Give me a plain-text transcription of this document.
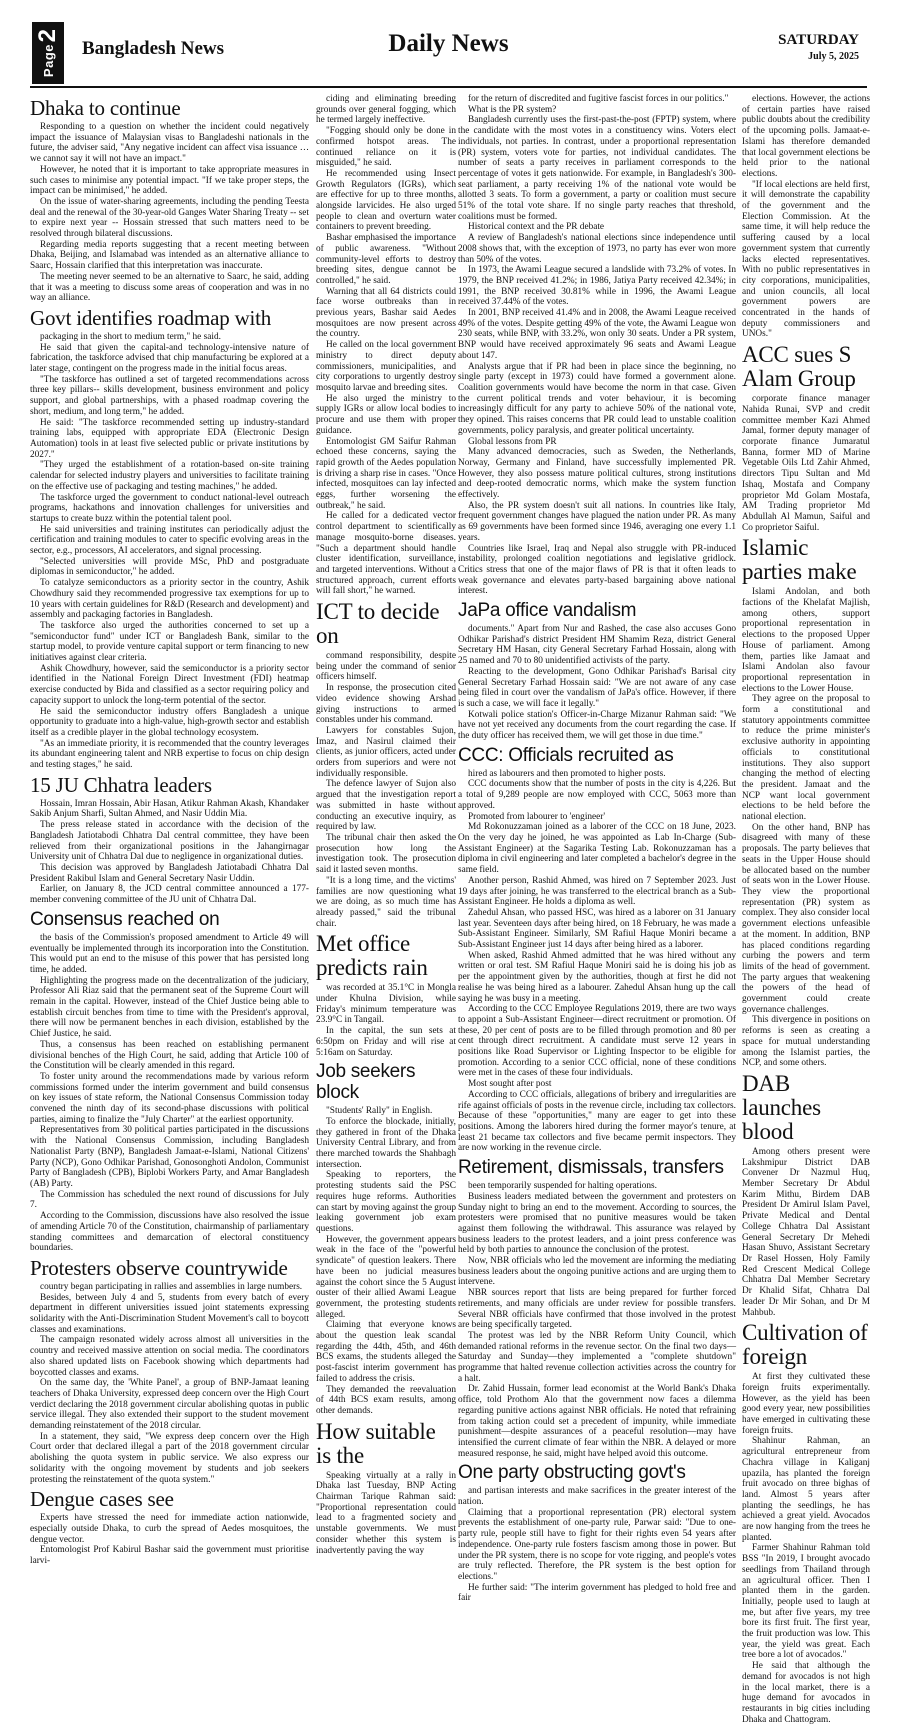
2
Page Bangladesh News	Daily News	SATURDAY
July 5, 2025
Dhaka to continue

Responding to a question on whether the incident could negatively impact the issuance of Malaysian visas to Bangladeshi nationals in the future, the adviser said, "Any negative incident can affect visa issuance … we cannot say it will not have an impact."

However, he noted that it is important to take appropriate measures in such cases to minimise any potential impact. "If we take proper steps, the impact can be minimised," he added.

On the issue of water-sharing agreements, including the pending Teesta deal and the renewal of the 30-year-old Ganges Water Sharing Treaty -- set to expire next year -- Hossain stressed that such matters need to be resolved through bilateral discussions.

Regarding media reports suggesting that a recent meeting between Dhaka, Beijing, and Islamabad was intended as an alternative alliance to Saarc, Hossain clarified that this interpretation was inaccurate.

The meeting never seemed to be an alternative to Saarc, he said, adding that it was a meeting to discuss some areas of cooperation and was in no way an alliance.

Govt identifies roadmap with

packaging in the short to medium term," he said.

He said that given the capital-and technology-intensive nature of fabrication, the taskforce advised that chip manufacturing be explored at a later stage, contingent on the progress made in the initial focus areas.

"The taskforce has outlined a set of targeted recommendations across three key pillars-- skills development, business environment and policy support, and global partnerships, with a phased roadmap covering the short, medium, and long term," he added.

He said: "The taskforce recommended setting up industry-standard training labs, equipped with appropriate EDA (Electronic Design Automation) tools in at least five selected public or private institutions by 2027."

"They urged the establishment of a rotation-based on-site training calendar for selected industry players and universities to facilitate training on the effective use of packaging and testing machines," he added.

The taskforce urged the government to conduct national-level outreach programs, hackathons and innovation challenges for universities and startups to create buzz within the potential talent pool.

He said universities and training institutes can periodically adjust the certification and training modules to cater to specific evolving areas in the sector, e.g., processors, AI accelerators, and signal processing.

"Selected universities will provide MSc, PhD and postgraduate diplomas in semiconductor," he added.

To catalyze semiconductors as a priority sector in the country, Ashik Chowdhury said they recommended progressive tax exemptions for up to 10 years with certain guidelines for R&D (Research and development) and assembly and packaging factories in Bangladesh.

The taskforce also urged the authorities concerned to set up a "semiconductor fund" under ICT or Bangladesh Bank, similar to the startup model, to provide venture capital support or term financing to new initiatives against clear criteria.

Ashik Chowdhury, however, said the semiconductor is a priority sector identified in the National Foreign Direct Investment (FDI) heatmap exercise conducted by Bida and classified as a sector requiring policy and capacity support to unlock the long-term potential of the sector.

He said the semiconductor industry offers Bangladesh a unique opportunity to graduate into a high-value, high-growth sector and establish itself as a credible player in the global technology ecosystem.

"As an immediate priority, it is recommended that the country leverages its abundant engineering talent and NRB expertise to focus on chip design and testing stages," he said.

15 JU Chhatra leaders

Hossain, Imran Hossain, Abir Hasan, Atikur Rahman Akash, Khandaker Sakib Anjum Sharfi, Sultan Ahmed, and Nasir Uddin Mia.

The press release stated in accordance with the decision of the Bangladesh Jatiotabodi Chhatra Dal central committee, they have been relieved from their organizational positions in the Jahangirnagar University unit of Chhatra Dal due to negligence in organizational duties.

This decision was approved by Bangladesh Jatiotabadi Chhatra Dal President Rakibul Islam and General Secretary Nasir Uddin.

Earlier, on January 8, the JCD central committee announced a 177-member convening committee of the JU unit of Chhatra Dal.

Consensus reached on

the basis of the Commission's proposed amendment to Article 49 will eventually be implemented through its incorporation into the Constitution. This would put an end to the misuse of this power that has persisted long time, he added.

Highlighting the progress made on the decentralization of the judiciary, Professor Ali Riaz said that the permanent seat of the Supreme Court will remain in the capital. However, instead of the Chief Justice being able to establish circuit benches from time to time with the President's approval, there will now be permanent benches in each division, established by the Chief Justice, he said.

Thus, a consensus has been reached on establishing permanent divisional benches of the High Court, he said, adding that Article 100 of the Constitution will be clearly amended in this regard.

To foster unity around the recommendations made by various reform commissions formed under the interim government and build consensus on key issues of state reform, the National Consensus Commission today convened the ninth day of its second-phase discussions with political parties, aiming to finalize the "July Charter" at the earliest opportunity.

Representatives from 30 political parties participated in the discussions with the National Consensus Commission, including Bangladesh Nationalist Party (BNP), Bangladesh Jamaat-e-Islami, National Citizens' Party (NCP), Gono Odhikar Parishad, Gonosonghoti Andolon, Communist Party of Bangladesh (CPB), Biplobi Workers Party, and Amar Bangladesh (AB) Party.

The Commission has scheduled the next round of discussions for July 7.

According to the Commission, discussions have also resolved the issue of amending Article 70 of the Constitution, chairmanship of parliamentary standing committees and demarcation of electoral constituency boundaries.

Protesters observe countrywide

country began participating in rallies and assemblies in large numbers.

Besides, between July 4 and 5, students from every batch of every department in different universities issued joint statements expressing solidarity with the Anti-Discrimination Student Movement's call to boycott classes and examinations.

The campaign resonated widely across almost all universities in the country and received massive attention on social media. The coordinators also shared updated lists on Facebook showing which departments had boycotted classes and exams.

On the same day, the 'White Panel', a group of BNP-Jamaat leaning teachers of Dhaka University, expressed deep concern over the High Court verdict declaring the 2018 government circular abolishing quotas in public service illegal. They also extended their support to the student movement demanding reinstatement of the 2018 circular.

In a statement, they said, "We express deep concern over the High Court order that declared illegal a part of the 2018 government circular abolishing the quota system in public service. We also express our solidarity with the ongoing movement by students and job seekers protesting the reinstatement of the quota system."

Dengue cases see

Experts have stressed the need for immediate action nationwide, especially outside Dhaka, to curb the spread of Aedes mosquitoes, the dengue vector.

Entomologist Prof Kabirul Bashar said the government must prioritise larvi-

ciding and eliminating breeding grounds over general fogging, which he termed largely ineffective.

"Fogging should only be done in confirmed hotspot areas. The continued reliance on it is misguided," he said.

He recommended using Insect Growth Regulators (IGRs), which are effective for up to three months, alongside larvicides. He also urged people to clean and overturn water containers to prevent breeding.

Bashar emphasised the importance of public awareness. "Without community-level efforts to destroy breeding sites, dengue cannot be controlled," he said.

Warning that all 64 districts could face worse outbreaks than in previous years, Bashar said Aedes mosquitoes are now present across the country.

He called on the local government ministry to direct deputy commissioners, municipalities, and city corporations to urgently destroy mosquito larvae and breeding sites.

He also urged the ministry to supply IGRs or allow local bodies to procure and use them with proper guidance.

Entomologist GM Saifur Rahman echoed these concerns, saying the rapid growth of the Aedes population is driving a sharp rise in cases. "Once infected, mosquitoes can lay infected eggs, further worsening the outbreak," he said.

He called for a dedicated vector control department to scientifically manage mosquito-borne diseases. "Such a department should handle cluster identification, surveillance, and targeted interventions. Without a structured approach, current efforts will fall short," he warned.

ICT to decide on

command responsibility, despite being under the command of senior officers himself.

In response, the prosecution cited video evidence showing Arshad giving instructions to armed constables under his command.

Lawyers for constables Sujon, Imaz, and Nasirul claimed their clients, as junior officers, acted under orders from superiors and were not individually responsible.

The defence lawyer of Sujon also argued that the investigation report was submitted in haste without conducting an executive inquiry, as required by law.

The tribunal chair then asked the prosecution how long the investigation took. The prosecution said it lasted seven months.

"It is a long time, and the victims' families are now questioning what we are doing, as so much time has already passed," said the tribunal chair.

Met office predicts rain

was recorded at 35.1°C in Mongla under Khulna Division, while Friday's minimum temperature was 23.9°C in Tangail.

In the capital, the sun sets at 6:50pm on Friday and will rise at 5:16am on Saturday.

Job seekers block

"Students' Rally" in English.

To enforce the blockade, initially, they gathered in front of the Dhaka University Central Library, and from there marched towards the Shahbagh intersection.

Speaking to reporters, the protesting students said the PSC requires huge reforms. Authorities can start by moving against the group leaking government job exam questions.

However, the government appears weak in the face of the "powerful syndicate" of question leakers. There have been no judicial measures against the cohort since the 5 August ouster of their allied Awami League government, the protesting students alleged.

Claiming that everyone knows about the question leak scandal regarding the 44th, 45th, and 46th BCS exams, the students alleged the post-fascist interim government has failed to address the crisis.

They demanded the reevaluation of 44th BCS exam results, among other demands.

How suitable is the

Speaking virtually at a rally in Dhaka last Tuesday, BNP Acting Chairman Tarique Rahman said: "Proportional representation could lead to a fragmented society and unstable governments. We must consider whether this system is inadvertently paving the way

for the return of discredited and fugitive fascist forces in our politics."

What is the PR system?

Bangladesh currently uses the first-past-the-post (FPTP) system, where the candidate with the most votes in a constituency wins. Voters elect individuals, not parties. In contrast, under a proportional representation (PR) system, voters vote for parties, not individual candidates. The number of seats a party receives in parliament corresponds to the percentage of votes it gets nationwide. For example, in Bangladesh's 300-seat parliament, a party receiving 1% of the national vote would be allotted 3 seats. To form a government, a party or coalition must secure 51% of the total vote share. If no single party reaches that threshold, coalitions must be formed.

Historical context and the PR debate

A review of Bangladesh's national elections since independence until 2008 shows that, with the exception of 1973, no party has ever won more than 50% of the votes.

In 1973, the Awami League secured a landslide with 73.2% of votes. In 1979, the BNP received 41.2%; in 1986, Jatiya Party received 42.34%; in 1991, the BNP received 30.81% while in 1996, the Awami League received 37.44% of the votes.

In 2001, BNP received 41.4% and in 2008, the Awami League received 49% of the votes. Despite getting 49% of the vote, the Awami League won 230 seats, while BNP, with 33.2%, won only 30 seats. Under a PR system, BNP would have received approximately 96 seats and Awami League about 147.

Analysts argue that if PR had been in place since the beginning, no single party (except in 1973) could have formed a government alone. Coalition governments would have become the norm in that case. Given the current political trends and voter behaviour, it is becoming increasingly difficult for any party to achieve 50% of the national vote, they opined. This raises concerns that PR could lead to unstable coalition governments, policy paralysis, and greater political uncertainty.

Global lessons from PR

Many advanced democracies, such as Sweden, the Netherlands, Norway, Germany and Finland, have successfully implemented PR. However, they also possess mature political cultures, strong institutions and deep-rooted democratic norms, which make the system function effectively.

Also, the PR system doesn't suit all nations. In countries like Italy, frequent government changes have plagued the nation under PR. As many as 69 governments have been formed since 1946, averaging one every 1.1 years.

Countries like Israel, Iraq and Nepal also struggle with PR-induced instability, prolonged coalition negotiations and legislative gridlock. Critics stress that one of the major flaws of PR is that it often leads to weak governance and elevates party-based bargaining above national interest.

JaPa office vandalism

documents." Apart from Nur and Rashed, the case also accuses Gono Odhikar Parishad's district President HM Shamim Reza, district General Secretary HM Hasan, city General Secretary Farhad Hossain, along with 25 named and 70 to 80 unidentified activists of the party.

Reacting to the development, Gono Odhikar Parishad's Barisal city General Secretary Farhad Hossain said: "We are not aware of any case being filed in court over the vandalism of JaPa's office. However, if there is such a case, we will face it legally."

Kotwali police station's Officer-in-Charge Mizanur Rahman said: "We have not yet received any documents from the court regarding the case. If the duty officer has received them, we will get those in due time."

CCC: Officials recruited as

hired as labourers and then promoted to higher posts.

CCC documents show that the number of posts in the city is 4,226. But a total of 9,289 people are now employed with CCC, 5063 more than approved.

Promoted from labourer to 'engineer'

Md Rokonuzzaman joined as a laborer of the CCC on 18 June, 2023. On the very day he joined, he was appointed as Lab In-Charge (Sub-Assistant Engineer) at the Sagarika Testing Lab. Rokonuzzaman has a diploma in civil engineering and later completed a bachelor's degree in the same field.

Another person, Rashid Ahmed, was hired on 7 September 2023. Just 19 days after joining, he was transferred to the electrical branch as a Sub-Assistant Engineer. He holds a diploma as well.

Zahedul Ahsan, who passed HSC, was hired as a laborer on 31 January last year. Seventeen days after being hired, on 18 February, he was made a Sub-Assistant Engineer. Similarly, SM Rafiul Haque Moniri became a Sub-Assistant Engineer just 14 days after being hired as a laborer.

When asked, Rashid Ahmed admitted that he was hired without any written or oral test. SM Rafiul Haque Moniri said he is doing his job as per the appointment given by the authorities, though at first he did not realise he was being hired as a labourer. Zahedul Ahsan hung up the call saying he was busy in a meeting.

According to the CCC Employee Regulations 2019, there are two ways to appoint a Sub-Assistant Engineer—direct recruitment or promotion. Of these, 20 per cent of posts are to be filled through promotion and 80 per cent through direct recruitment. A candidate must serve 12 years in positions like Road Supervisor or Lighting Inspector to be eligible for promotion. According to a senior CCC official, none of these conditions were met in the cases of these four individuals.

Most sought after post

According to CCC officials, allegations of bribery and irregularities are rife against officials of posts in the revenue circle, including tax collectors. Because of these "opportunities," many are eager to get into these positions. Among the laborers hired during the former mayor's tenure, at least 21 became tax collectors and five became permit inspectors. They are now working in the revenue circle.

Retirement, dismissals, transfers

been temporarily suspended for halting operations.

Business leaders mediated between the government and protesters on Sunday night to bring an end to the movement. According to sources, the protesters were promised that no punitive measures would be taken against them following the withdrawal. This assurance was relayed by business leaders to the protest leaders, and a joint press conference was held by both parties to announce the conclusion of the protest.

Now, NBR officials who led the movement are informing the mediating business leaders about the ongoing punitive actions and are urging them to intervene.

NBR sources report that lists are being prepared for further forced retirements, and many officials are under review for possible transfers. Several NBR officials have confirmed that those involved in the protest are being specifically targeted.

The protest was led by the NBR Reform Unity Council, which demanded rational reforms in the revenue sector. On the final two days—Saturday and Sunday—they implemented a "complete shutdown" programme that halted revenue collection activities across the country for a halt.

Dr. Zahid Hussain, former lead economist at the World Bank's Dhaka office, told Prothom Alo that the government now faces a dilemma regarding punitive actions against NBR officials. He noted that refraining from taking action could set a precedent of impunity, while immediate punishment—despite assurances of a peaceful resolution—may have intensified the current climate of fear within the NBR. A delayed or more measured response, he said, might have helped avoid this outcome.

One party obstructing govt's

and partisan interests and make sacrifices in the greater interest of the nation.

Claiming that a proportional representation (PR) electoral system prevents the establishment of one-party rule, Parwar said: "Due to one-party rule, people still have to fight for their rights even 54 years after independence. One-party rule fosters fascism among those in power. But under the PR system, there is no scope for vote rigging, and people's votes are truly reflected. Therefore, the PR system is the best option for elections."

He further said: "The interim government has pledged to hold free and fair

elections. However, the actions of certain parties have raised public doubts about the credibility of the upcoming polls. Jamaat-e-Islami has therefore demanded that local government elections be held prior to the national elections.

"If local elections are held first, it will demonstrate the capability of the government and the Election Commission. At the same time, it will help reduce the suffering caused by a local government system that currently lacks elected representatives. With no public representatives in city corporations, municipalities, and union councils, all local government powers are concentrated in the hands of deputy commissioners and UNOs."

ACC sues S Alam Group

corporate finance manager Nahida Runai, SVP and credit committee member Kazi Ahmed Jamal, former deputy manager of corporate finance Jumaratul Banna, former MD of Marine Vegetable Oils Ltd Zahir Ahmed, directors Tipu Sultan and Md Ishaq, Mostafa and Company proprietor Md Golam Mostafa, AM Trading proprietor Md Abdullah Al Mamun, Saiful and Co proprietor Saiful.

Islamic parties make

Islami Andolan, and both factions of the Khelafat Majlish, among others, support proportional representation in elections to the proposed Upper House of parliament. Among them, parties like Jamaat and Islami Andolan also favour proportional representation in elections to the Lower House.

They agree on the proposal to form a constitutional and statutory appointments committee to reduce the prime minister's exclusive authority in appointing officials to constitutional institutions. They also support changing the method of electing the president. Jamaat and the NCP want local government elections to be held before the national election.

On the other hand, BNP has disagreed with many of these proposals. The party believes that seats in the Upper House should be allocated based on the number of seats won in the Lower House. They view the proportional representation (PR) system as complex. They also consider local government elections unfeasible at the moment. In addition, BNP has placed conditions regarding curbing the powers and term limits of the head of government. The party argues that weakening the powers of the head of government could create governance challenges.

This divergence in positions on reforms is seen as creating a space for mutual understanding among the Islamist parties, the NCP, and some others.

DAB launches blood

Among others present were Lakshmipur District DAB Convener Dr Nazmul Huq, Member Secretary Dr Abdul Karim Mithu, Birdem DAB President Dr Amirul Islam Pavel, Private Medical and Dental College Chhatra Dal Assistant General Secretary Dr Mehedi Hasan Shuvo, Assistant Secretary Dr Rasel Hossen, Holy Family Red Crescent Medical College Chhatra Dal Member Secretary Dr Khalid Sifat, Chhatra Dal leader Dr Mir Sohan, and Dr M Mahbub.

Cultivation of foreign

At first they cultivated these foreign fruits experimentally. However, as the yield has been good every year, new possibilities have emerged in cultivating these foreign fruits.

Shahinur Rahman, an agricultural entrepreneur from Chachra village in Kaliganj upazila, has planted the foreign fruit avocado on three bighas of land. Almost 5 years after planting the seedlings, he has achieved a great yield. Avocados are now hanging from the trees he planted.

Farmer Shahinur Rahman told BSS "In 2019, I brought avocado seedlings from Thailand through an agricultural officer. Then I planted them in the garden. Initially, people used to laugh at me, but after five years, my tree bore its first fruit. The first year, the fruit production was low. This year, the yield was great. Each tree bore a lot of avocados."

He said that although the demand for avocados is not high in the local market, there is a huge demand for avocados in restaurants in big cities including Dhaka and Chattogram.
